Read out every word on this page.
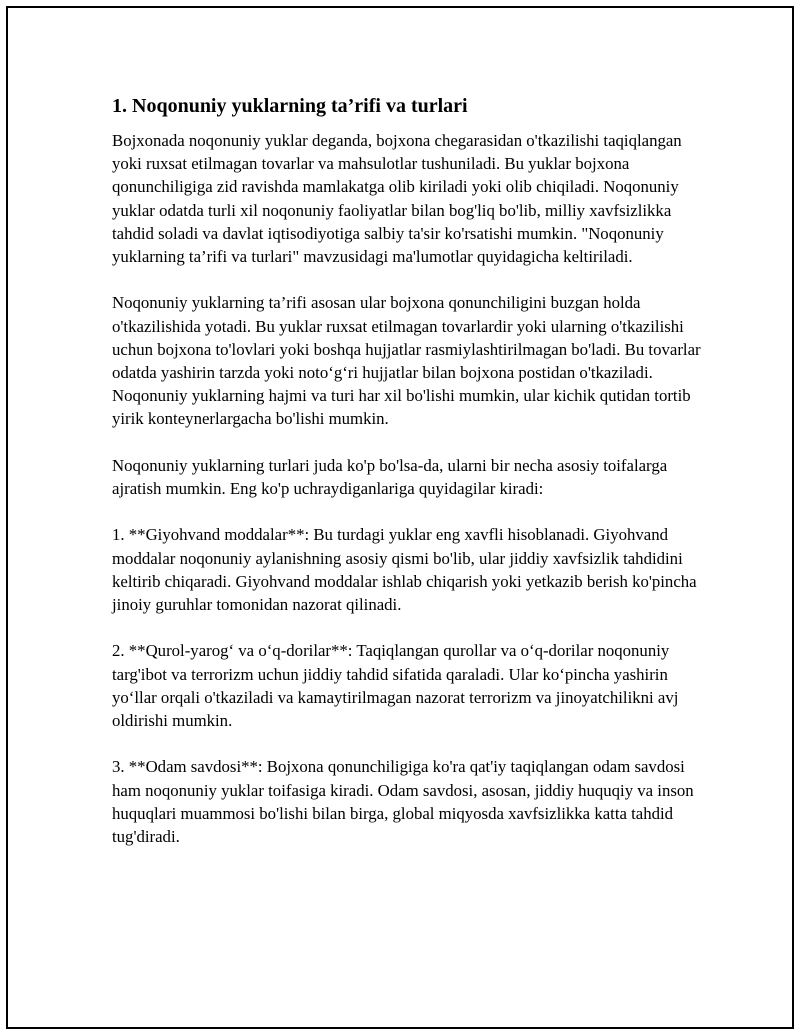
1. Noqonuniy yuklarning ta’rifi va turlari

Bojxonada noqonuniy yuklar deganda, bojxona chegarasidan o'tkazilishi taqiqlangan yoki ruxsat etilmagan tovarlar va mahsulotlar tushuniladi. Bu yuklar bojxona qonunchiligiga zid ravishda mamlakatga olib kiriladi yoki olib chiqiladi. Noqonuniy yuklar odatda turli xil noqonuniy faoliyatlar bilan bog'liq bo'lib, milliy xavfsizlikka tahdid soladi va davlat iqtisodiyotiga salbiy ta'sir ko'rsatishi mumkin. "Noqonuniy yuklarning ta’rifi va turlari" mavzusidagi ma'lumotlar quyidagicha keltiriladi.

Noqonuniy yuklarning ta’rifi asosan ular bojxona qonunchiligini buzgan holda o'tkazilishida yotadi. Bu yuklar ruxsat etilmagan tovarlardir yoki ularning o'tkazilishi uchun bojxona to'lovlari yoki boshqa hujjatlar rasmiylashtirilmagan bo'ladi. Bu tovarlar odatda yashirin tarzda yoki noto‘g‘ri hujjatlar bilan bojxona postidan o'tkaziladi. Noqonuniy yuklarning hajmi va turi har xil bo'lishi mumkin, ular kichik qutidan tortib yirik konteynerlargacha bo'lishi mumkin.

Noqonuniy yuklarning turlari juda ko'p bo'lsa-da, ularni bir necha asosiy toifalarga ajratish mumkin. Eng ko'p uchraydiganlariga quyidagilar kiradi:

1. **Giyohvand moddalar**: Bu turdagi yuklar eng xavfli hisoblanadi. Giyohvand moddalar noqonuniy aylanishning asosiy qismi bo'lib, ular jiddiy xavfsizlik tahdidini keltirib chiqaradi. Giyohvand moddalar ishlab chiqarish yoki yetkazib berish ko'pincha jinoiy guruhlar tomonidan nazorat qilinadi.

2. **Qurol-yarog‘ va o‘q-dorilar**: Taqiqlangan qurollar va o‘q-dorilar noqonuniy targ'ibot va terrorizm uchun jiddiy tahdid sifatida qaraladi. Ular ko‘pincha yashirin yo‘llar orqali o'tkaziladi va kamaytirilmagan nazorat terrorizm va jinoyatchilikni avj oldirishi mumkin.

3. **Odam savdosi**: Bojxona qonunchiligiga ko'ra qat'iy taqiqlangan odam savdosi ham noqonuniy yuklar toifasiga kiradi. Odam savdosi, asosan, jiddiy huquqiy va inson huquqlari muammosi bo'lishi bilan birga, global miqyosda xavfsizlikka katta tahdid tug'diradi.
